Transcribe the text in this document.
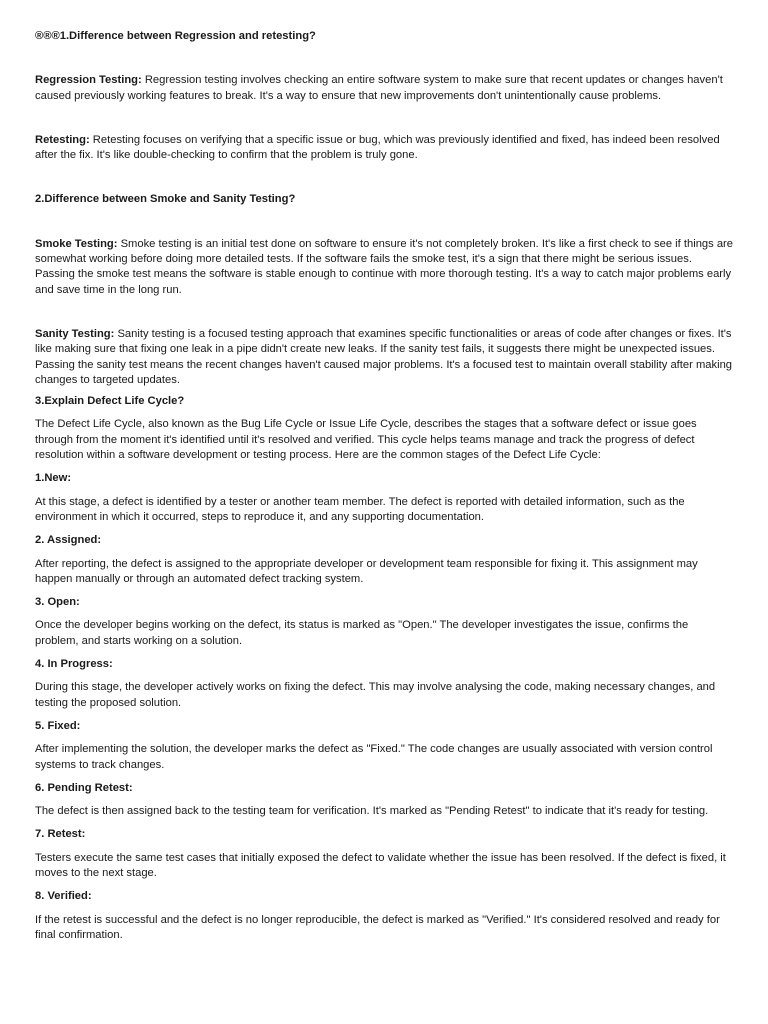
®®®1.Difference between Regression and retesting?

Regression Testing: Regression testing involves checking an entire software system to make sure that recent updates or changes haven't caused previously working features to break. It's a way to ensure that new improvements don't unintentionally cause problems.

Retesting: Retesting focuses on verifying that a specific issue or bug, which was previously identified and fixed, has indeed been resolved after the fix. It's like double-checking to confirm that the problem is truly gone.

2.Difference between Smoke and Sanity Testing?

Smoke Testing: Smoke testing is an initial test done on software to ensure it's not completely broken. It's like a first check to see if things are somewhat working before doing more detailed tests. If the software fails the smoke test, it's a sign that there might be serious issues. Passing the smoke test means the software is stable enough to continue with more thorough testing. It's a way to catch major problems early and save time in the long run.

Sanity Testing: Sanity testing is a focused testing approach that examines specific functionalities or areas of code after changes or fixes. It's like making sure that fixing one leak in a pipe didn't create new leaks. If the sanity test fails, it suggests there might be unexpected issues. Passing the sanity test means the recent changes haven't caused major problems. It's a focused test to maintain overall stability after making changes to targeted updates.

3.Explain Defect Life Cycle?

The Defect Life Cycle, also known as the Bug Life Cycle or Issue Life Cycle, describes the stages that a software defect or issue goes through from the moment it's identified until it's resolved and verified. This cycle helps teams manage and track the progress of defect resolution within a software development or testing process. Here are the common stages of the Defect Life Cycle:

1.New:

At this stage, a defect is identified by a tester or another team member. The defect is reported with detailed information, such as the environment in which it occurred, steps to reproduce it, and any supporting documentation.

2. Assigned:

After reporting, the defect is assigned to the appropriate developer or development team responsible for fixing it. This assignment may happen manually or through an automated defect tracking system.

3. Open:

Once the developer begins working on the defect, its status is marked as "Open." The developer investigates the issue, confirms the problem, and starts working on a solution.

4. In Progress:

During this stage, the developer actively works on fixing the defect. This may involve analysing the code, making necessary changes, and testing the proposed solution.

5. Fixed:

After implementing the solution, the developer marks the defect as "Fixed." The code changes are usually associated with version control systems to track changes.

6. Pending Retest:

The defect is then assigned back to the testing team for verification. It's marked as "Pending Retest" to indicate that it's ready for testing.

7. Retest:

Testers execute the same test cases that initially exposed the defect to validate whether the issue has been resolved. If the defect is fixed, it moves to the next stage.

8. Verified:

If the retest is successful and the defect is no longer reproducible, the defect is marked as "Verified." It's considered resolved and ready for final confirmation.
